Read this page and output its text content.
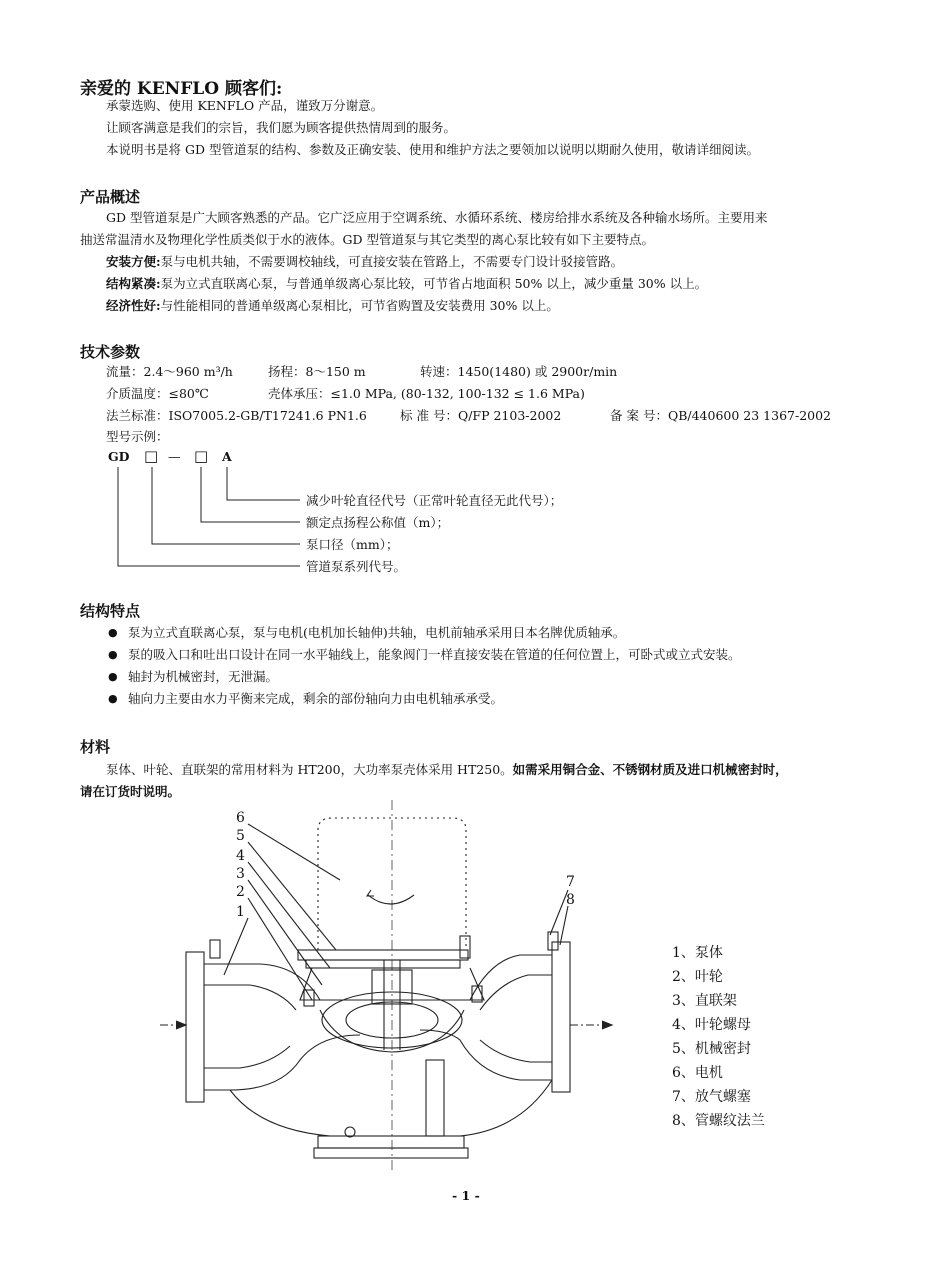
亲爱的 KENFLO 顾客们:
承蒙选购、使用 KENFLO 产品，谨致万分谢意。
让顾客满意是我们的宗旨，我们愿为顾客提供热情周到的服务。
本说明书是将 GD 型管道泵的结构、参数及正确安装、使用和维护方法之要领加以说明以期耐久使用，敬请详细阅读。
产品概述
GD 型管道泵是广大顾客熟悉的产品。它广泛应用于空调系统、水循环系统、楼房给排水系统及各种输水场所。主要用来
抽送常温清水及物理化学性质类似于水的液体。GD 型管道泵与其它类型的离心泵比较有如下主要特点。
安装方便:泵与电机共轴，不需要调校轴线，可直接安装在管路上，不需要专门设计驳接管路。
结构紧凑:泵为立式直联离心泵，与普通单级离心泵比较，可节省占地面积 50% 以上，减少重量 30% 以上。
经济性好:与性能相同的普通单级离心泵相比，可节省购置及安装费用 30% 以上。
技术参数
流量：2.4～960 m³/h	扬程：8～150 m	转速：1450(1480) 或 2900r/min
介质温度：≤80℃	壳体承压：≤1.0 MPa, (80-132, 100-132 ≤ 1.6 MPa)
法兰标准：ISO7005.2-GB/T17241.6 PN1.6	标 准 号：Q/FP 2103-2002	备 案 号：QB/440600 23 1367-2002
型号示例：
GD □ — □ A
减少叶轮直径代号（正常叶轮直径无此代号）；
额定点扬程公称值（m）；
泵口径（mm）；
管道泵系列代号。
结构特点
● 泵为立式直联离心泵，泵与电机(电机加长轴伸)共轴，电机前轴承采用日本名牌优质轴承。
● 泵的吸入口和吐出口设计在同一水平轴线上，能象阀门一样直接安装在管道的任何位置上，可卧式或立式安装。
● 轴封为机械密封，无泄漏。
● 轴向力主要由水力平衡来完成，剩余的部份轴向力由电机轴承承受。
材料
泵体、叶轮、直联架的常用材料为 HT200，大功率泵壳体采用 HT250。如需采用铜合金、不锈钢材质及进口机械密封时，
请在订货时说明。
6
5
4
3
2
1
7
8
1、泵体
2、叶轮
3、直联架
4、叶轮螺母
5、机械密封
6、电机
7、放气螺塞
8、管螺纹法兰
- 1 -
